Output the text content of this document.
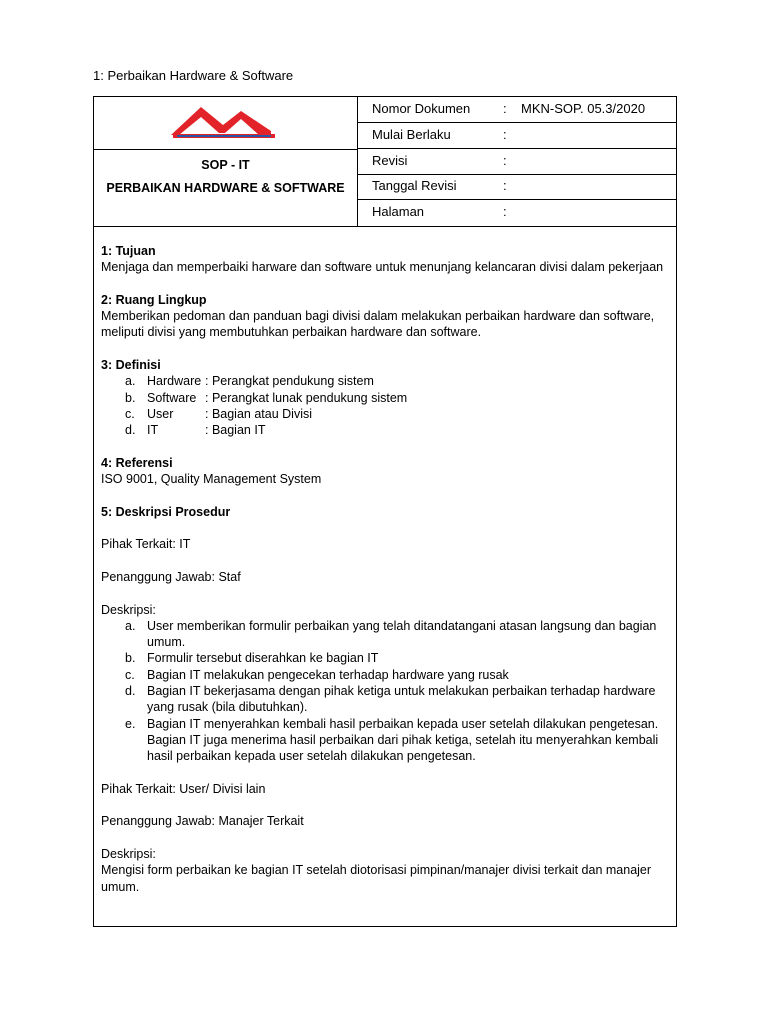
1: Perbaikan Hardware & Software
SOP - IT
PERBAIKAN HARDWARE & SOFTWARE
Nomor Dokumen	: MKN-SOP. 05.3/2020
Mulai Berlaku	:
Revisi	:
Tanggal Revisi	:
Halaman	:

1: Tujuan

Menjaga dan memperbaiki harware dan software untuk menunjang kelancaran divisi dalam pekerjaan

2: Ruang Lingkup

Memberikan pedoman dan panduan bagi divisi dalam melakukan perbaikan hardware dan software, meliputi divisi yang membutuhkan perbaikan hardware dan software.

3: Definisi

a. Hardware : Perangkat pendukung sistem
b. Software : Perangkat lunak pendukung sistem
c. User	: Bagian atau Divisi
d. IT	: Bagian IT

4: Referensi

ISO 9001, Quality Management System

5: Deskripsi Prosedur

Pihak Terkait: IT

Penanggung Jawab: Staf

Deskripsi:

a. User memberikan formulir perbaikan yang telah ditandatangani atasan langsung dan bagian umum.
b. Formulir tersebut diserahkan ke bagian IT
c. Bagian IT melakukan pengecekan terhadap hardware yang rusak
d. Bagian IT bekerjasama dengan pihak ketiga untuk melakukan perbaikan terhadap hardware yang rusak (bila dibutuhkan).
e. Bagian IT menyerahkan kembali hasil perbaikan kepada user setelah dilakukan pengetesan. Bagian IT juga menerima hasil perbaikan dari pihak ketiga, setelah itu menyerahkan kembali hasil perbaikan kepada user setelah dilakukan pengetesan.

Pihak Terkait: User/ Divisi lain

Penanggung Jawab: Manajer Terkait

Deskripsi:

Mengisi form perbaikan ke bagian IT setelah diotorisasi pimpinan/manajer divisi terkait dan manajer umum.
